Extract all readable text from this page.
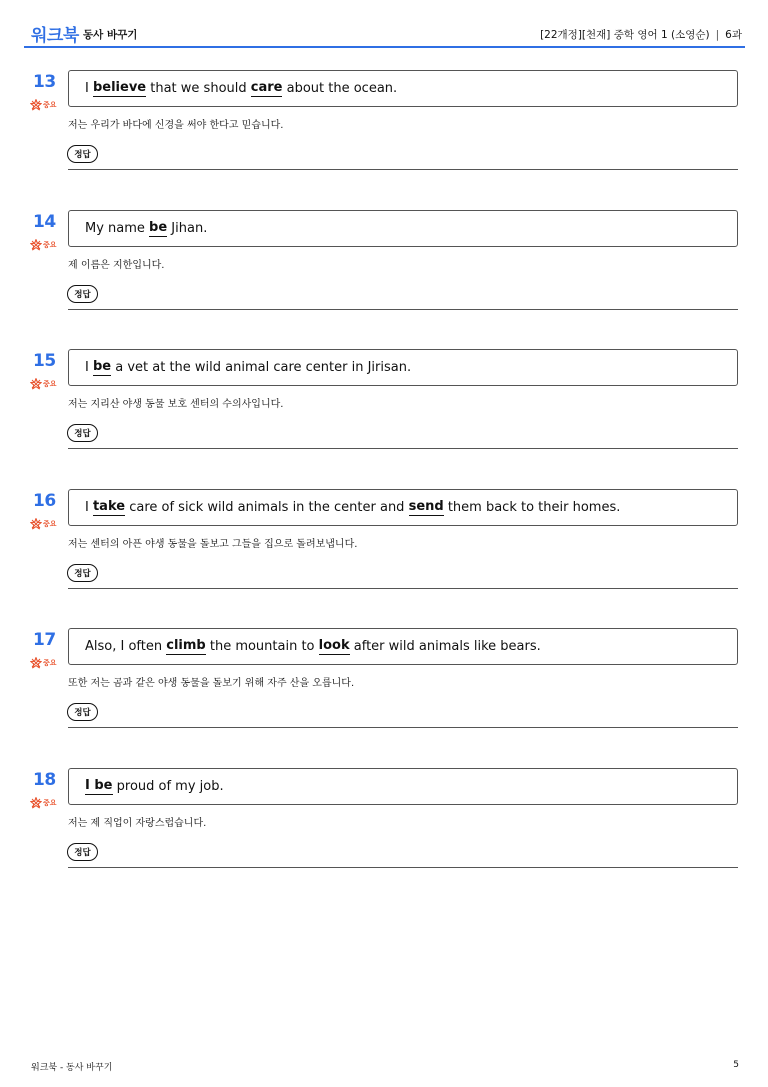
워크북 동사 바꾸기	[22개정][천재] 중학 영어 1 (소영순) | 6과
13
중요
I believe that we should care about the ocean.
저는 우리가 바다에 신경을 써야 한다고 믿습니다.
정답
14
중요
My name be Jihan.
제 이름은 지한입니다.
정답
15
중요
I be a vet at the wild animal care center in Jirisan.
저는 지리산 야생 동물 보호 센터의 수의사입니다.
정답
16
중요
I take care of sick wild animals in the center and send them back to their homes.
저는 센터의 아픈 야생 동물을 돌보고 그들을 집으로 돌려보냅니다.
정답
17
중요
Also, I often climb the mountain to look after wild animals like bears.
또한 저는 곰과 같은 야생 동물을 돌보기 위해 자주 산을 오릅니다.
정답
18
중요
I be proud of my job.
저는 제 직업이 자랑스럽습니다.
정답
워크북 - 동사 바꾸기	5
